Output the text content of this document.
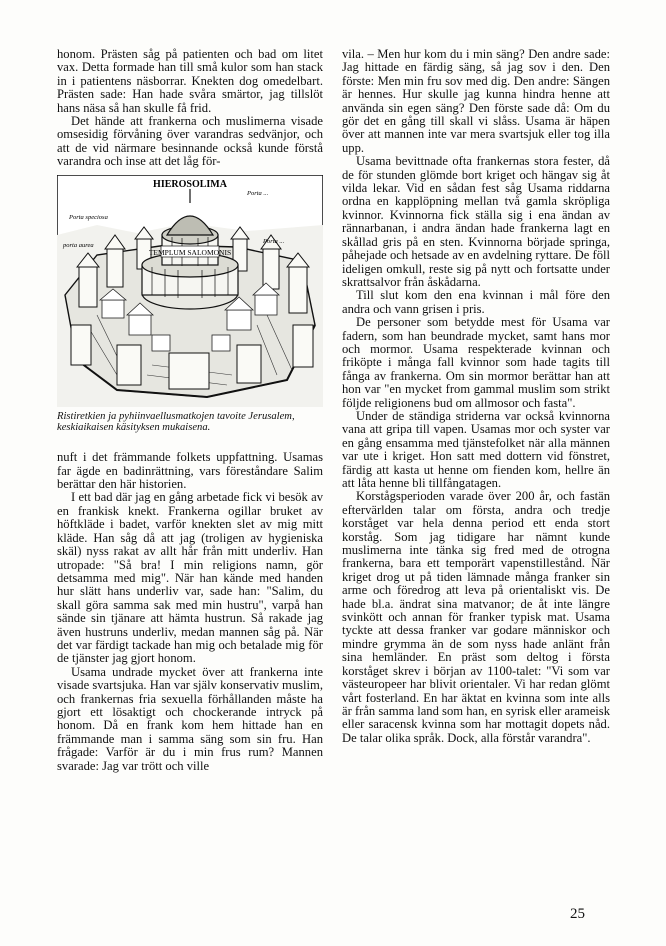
honom. Prästen såg på patienten och bad om litet vax. Detta formade han till små kulor som han stack in i patientens näsborrar. Knekten dog omedelbart. Prästen sade: Han hade svåra smärtor, jag tillslöt hans näsa så han skulle få frid.

Det hände att frankerna och muslimerna visade omsesidig förvåning över varandras sedvänjor, och att de vid närmare besinnande också kunde förstå varandra och inse att det låg för-

TEMPLUM SALOMONIS
HIEROSOLIMA
Porta speciosa
porta aurea
Porta ...
Porta ...
Ristiretkien ja pyhiinvaellusmatkojen tavoite Jerusalem, keskiaikaisen käsityksen mukaisena.

nuft i det främmande folkets uppfattning. Usamas far ägde en badinrättning, vars föreståndare Salim berättar den här historien.

I ett bad där jag en gång arbetade fick vi besök av en frankisk knekt. Frankerna ogillar bruket av höftkläde i badet, varför knekten slet av mig mitt kläde. Han såg då att jag (troligen av hygieniska skäl) nyss rakat av allt hår från mitt underliv. Han utropade: "Så bra! I min religions namn, gör detsamma med mig". När han kände med handen hur slätt hans underliv var, sade han: "Salim, du skall göra samma sak med min hustru", varpå han sände sin tjänare att hämta hustrun. Så rakade jag även hustruns underliv, medan mannen såg på. När det var färdigt tackade han mig och betalade mig för de tjänster jag gjort honom.

Usama undrade mycket över att frankerna inte visade svartsjuka. Han var själv konservativ muslim, och frankernas fria sexuella förhållanden måste ha gjort ett lösaktigt och chockerande intryck på honom. Då en frank kom hem hittade han en främmande man i samma säng som sin fru. Han frågade: Varför är du i min frus rum? Mannen svarade: Jag var trött och ville

vila. – Men hur kom du i min säng? Den andre sade: Jag hittade en färdig säng, så jag sov i den. Den förste: Men min fru sov med dig. Den andre: Sängen är hennes. Hur skulle jag kunna hindra henne att använda sin egen säng? Den förste sade då: Om du gör det en gång till skall vi slåss. Usama är häpen över att mannen inte var mera svartsjuk eller tog illa upp.

Usama bevittnade ofta frankernas stora fester, då de för stunden glömde bort kriget och hängav sig åt vilda lekar. Vid en sådan fest såg Usama riddarna ordna en kapplöpning mellan två gamla skröpliga kvinnor. Kvinnorna fick ställa sig i ena ändan av rännarbanan, i andra ändan hade frankerna lagt en skållad gris på en sten. Kvinnorna började springa, påhejade och hetsade av en avdelning ryttare. De föll ideligen omkull, reste sig på nytt och fortsatte under skrattsalvor från åskådarna.

Till slut kom den ena kvinnan i mål före den andra och vann grisen i pris.

De personer som betydde mest för Usama var fadern, som han beundrade mycket, samt hans mor och mormor. Usama respekterade kvinnan och friköpte i många fall kvinnor som hade tagits till fånga av frankerna. Om sin mormor berättar han att hon var "en mycket from gammal muslim som strikt följde religionens bud om allmosor och fasta".

Under de ständiga striderna var också kvinnorna vana att gripa till vapen. Usamas mor och syster var en gång ensamma med tjänstefolket när alla männen var ute i kriget. Hon satt med dottern vid fönstret, färdig att kasta ut henne om fienden kom, hellre än att låta henne bli tillfångatagen.

Korstågsperioden varade över 200 år, och fastän eftervärlden talar om första, andra och tredje korståget var hela denna period ett enda stort korståg. Som jag tidigare har nämnt kunde muslimerna inte tänka sig fred med de otrogna frankerna, bara ett temporärt vapenstillestånd. När kriget drog ut på tiden lämnade många franker sin arme och föredrog att leva på orientaliskt vis. De hade bl.a. ändrat sina matvanor; de åt inte längre svinkött och annan för franker typisk mat. Usama tyckte att dessa franker var godare människor och mindre grymma än de som nyss hade anlänt från sina hemländer. En präst som deltog i första korståget skrev i början av 1100-talet: "Vi som var västeuropeer har blivit orientaler. Vi har redan glömt vårt fosterland. En har äktat en kvinna som inte alls är från samma land som han, en syrisk eller arameisk eller saracensk kvinna som har mottagit dopets nåd. De talar olika språk. Dock, alla förstår varandra".

25
